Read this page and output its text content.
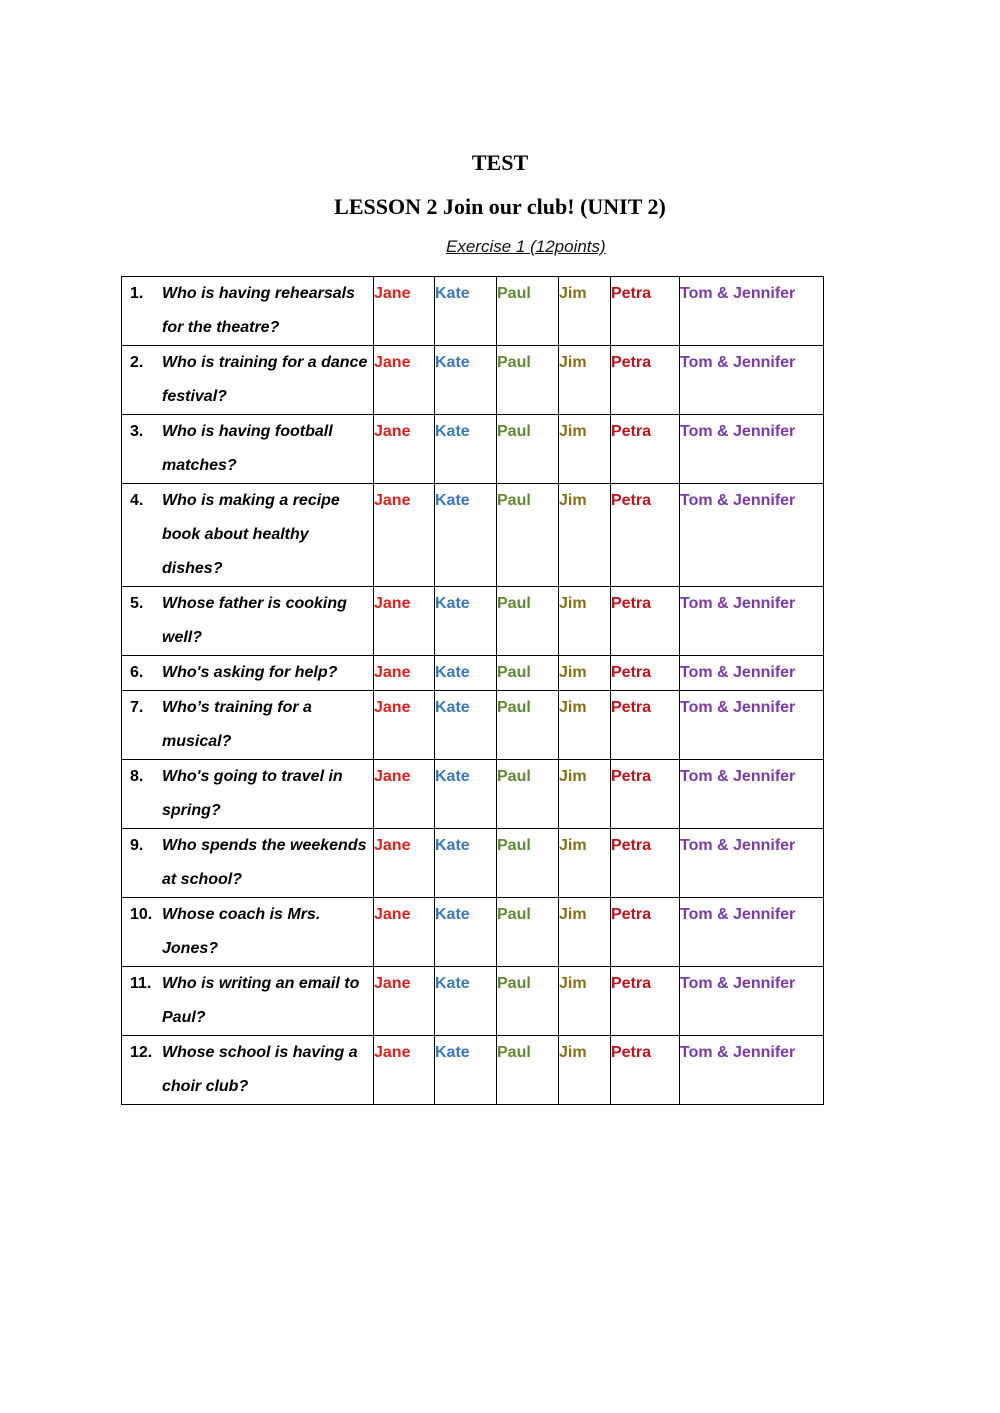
TEST
LESSON 2 Join our club! (UNIT 2)
Exercise 1 (12points)
1. Who is having rehearsals for the theatre?	Jane	Kate	Paul	Jim	Petra	Tom & Jennifer

2. Who is training for a dance festival?	Jane	Kate	Paul	Jim	Petra	Tom & Jennifer

3. Who is having football matches?	Jane	Kate	Paul	Jim	Petra	Tom & Jennifer

4. Who is making a recipe book about healthy dishes?	Jane	Kate	Paul	Jim	Petra	Tom & Jennifer

5. Whose father is cooking well?	Jane	Kate	Paul	Jim	Petra	Tom & Jennifer

6. Who's asking for help?	Jane	Kate	Paul	Jim	Petra	Tom & Jennifer

7. Who’s training for a musical?	Jane	Kate	Paul	Jim	Petra	Tom & Jennifer

8. Who's going to travel in spring?	Jane	Kate	Paul	Jim	Petra	Tom & Jennifer

9. Who spends the weekends at school?	Jane	Kate	Paul	Jim	Petra	Tom & Jennifer

10. Whose coach is Mrs. Jones?	Jane	Kate	Paul	Jim	Petra	Tom & Jennifer

11. Who is writing an email to Paul?	Jane	Kate	Paul	Jim	Petra	Tom & Jennifer

12. Whose school is having a choir club?	Jane	Kate	Paul	Jim	Petra	Tom & Jennifer
